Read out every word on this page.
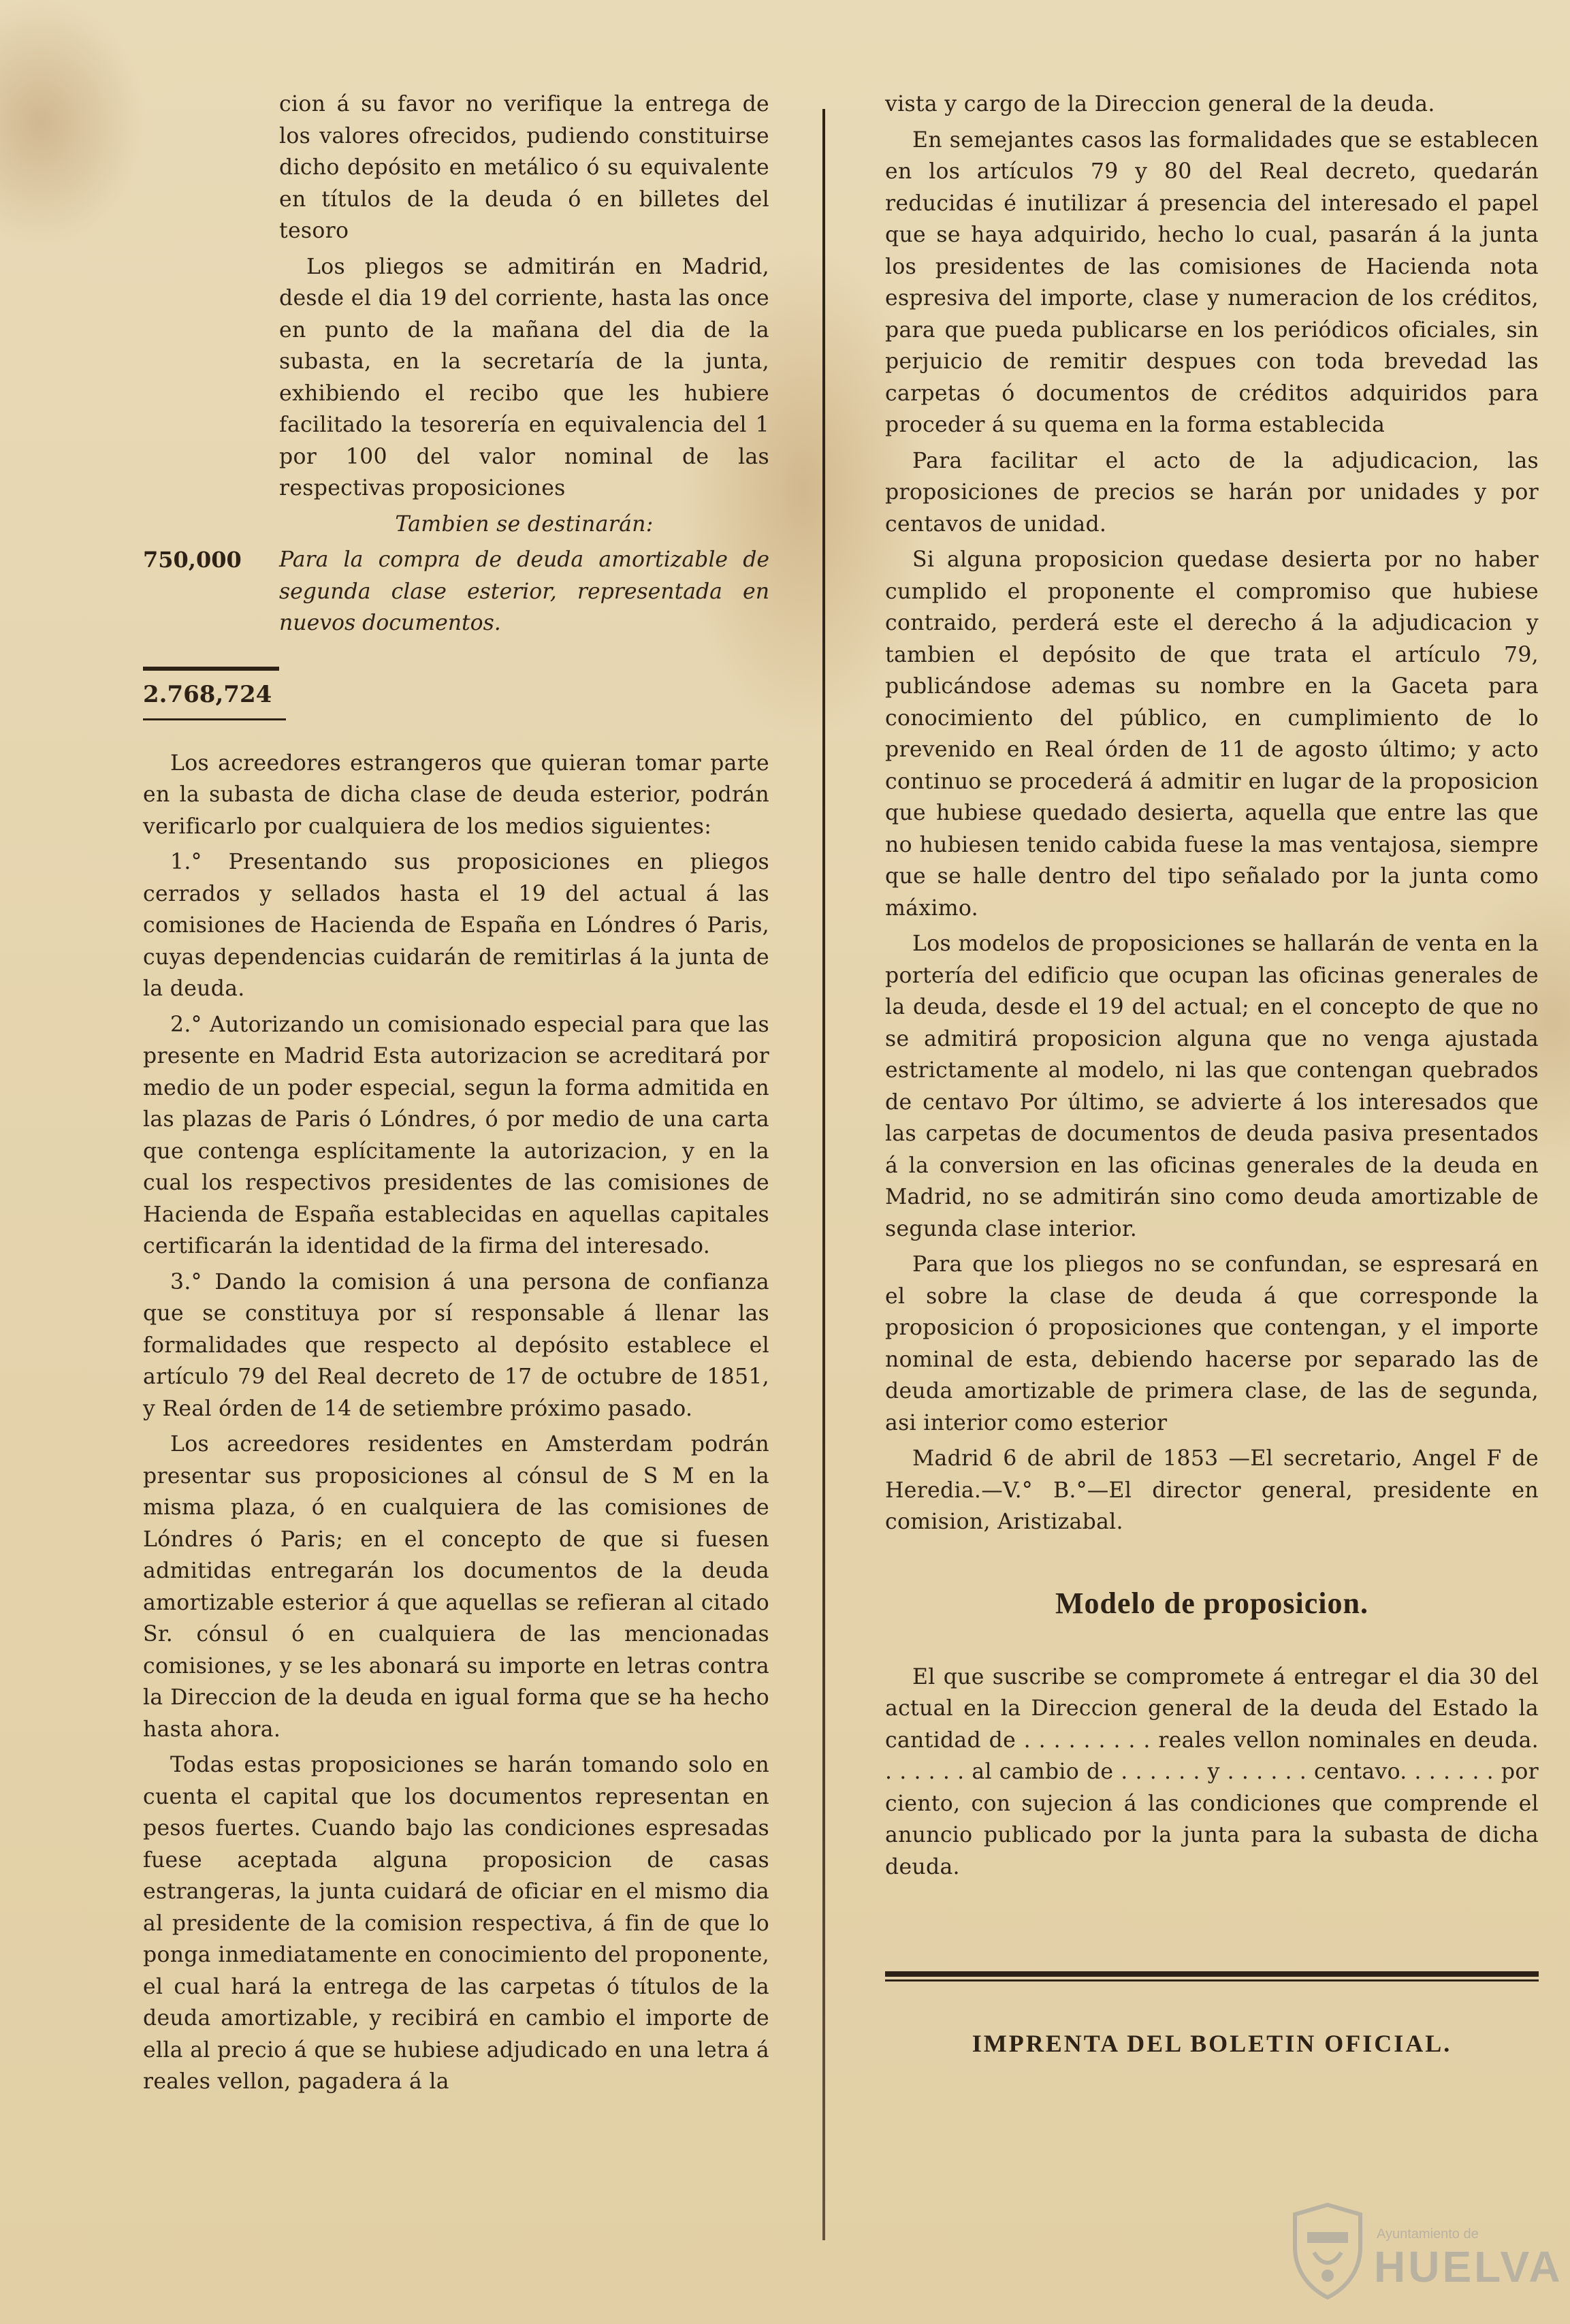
cion á su favor no verifique la entrega de los valores ofrecidos, pudiendo constituirse dicho depósito en metálico ó su equivalente en títulos de la deuda ó en billetes del tesoro

Los pliegos se admitirán en Madrid, desde el dia 19 del corriente, hasta las once en punto de la mañana del dia de la subasta, en la secretaría de la junta, exhibiendo el recibo que les hubiere facilitado la tesorería en equivalencia del 1 por 100 del valor nominal de las respectivas proposiciones

Tambien se destinarán:

750,000	Para la compra de deuda amortizable de segunda clase esterior, representada en nuevos documentos.
2.768,724

Los acreedores estrangeros que quieran tomar parte en la subasta de dicha clase de deuda esterior, podrán verificarlo por cualquiera de los medios siguientes:

1.° Presentando sus proposiciones en pliegos cerrados y sellados hasta el 19 del actual á las comisiones de Hacienda de España en Lóndres ó Paris, cuyas dependencias cuidarán de remitirlas á la junta de la deuda.

2.° Autorizando un comisionado especial para que las presente en Madrid Esta autorizacion se acreditará por medio de un poder especial, segun la forma admitida en las plazas de Paris ó Lóndres, ó por medio de una carta que contenga esplícitamente la autorizacion, y en la cual los respectivos presidentes de las comisiones de Hacienda de España establecidas en aquellas capitales certificarán la identidad de la firma del interesado.

3.° Dando la comision á una persona de confianza que se constituya por sí responsable á llenar las formalidades que respecto al depósito establece el artículo 79 del Real decreto de 17 de octubre de 1851, y Real órden de 14 de setiembre próximo pasado.

Los acreedores residentes en Amsterdam podrán presentar sus proposiciones al cónsul de S M en la misma plaza, ó en cualquiera de las comisiones de Lóndres ó Paris; en el concepto de que si fuesen admitidas entregarán los documentos de la deuda amortizable esterior á que aquellas se refieran al citado Sr. cónsul ó en cualquiera de las mencionadas comisiones, y se les abonará su importe en letras contra la Direccion de la deuda en igual forma que se ha hecho hasta ahora.

Todas estas proposiciones se harán tomando solo en cuenta el capital que los documentos representan en pesos fuertes. Cuando bajo las condiciones espresadas fuese aceptada alguna proposicion de casas estrangeras, la junta cuidará de oficiar en el mismo dia al presidente de la comision respectiva, á fin de que lo ponga inmediatamente en conocimiento del proponente, el cual hará la entrega de las carpetas ó títulos de la deuda amortizable, y recibirá en cambio el importe de ella al precio á que se hubiese adjudicado en una letra á reales vellon, pagadera á la

vista y cargo de la Direccion general de la deuda.

En semejantes casos las formalidades que se establecen en los artículos 79 y 80 del Real decreto, quedarán reducidas é inutilizar á presencia del interesado el papel que se haya adquirido, hecho lo cual, pasarán á la junta los presidentes de las comisiones de Hacienda nota espresiva del importe, clase y numeracion de los créditos, para que pueda publicarse en los periódicos oficiales, sin perjuicio de remitir despues con toda brevedad las carpetas ó documentos de créditos adquiridos para proceder á su quema en la forma establecida

Para facilitar el acto de la adjudicacion, las proposiciones de precios se harán por unidades y por centavos de unidad.

Si alguna proposicion quedase desierta por no haber cumplido el proponente el compromiso que hubiese contraido, perderá este el derecho á la adjudicacion y tambien el depósito de que trata el artículo 79, publicándose ademas su nombre en la Gaceta para conocimiento del público, en cumplimiento de lo prevenido en Real órden de 11 de agosto último; y acto continuo se procederá á admitir en lugar de la proposicion que hubiese quedado desierta, aquella que entre las que no hubiesen tenido cabida fuese la mas ventajosa, siempre que se halle dentro del tipo señalado por la junta como máximo.

Los modelos de proposiciones se hallarán de venta en la portería del edificio que ocupan las oficinas generales de la deuda, desde el 19 del actual; en el concepto de que no se admitirá proposicion alguna que no venga ajustada estrictamente al modelo, ni las que contengan quebrados de centavo Por último, se advierte á los interesados que las carpetas de documentos de deuda pasiva presentados á la conversion en las oficinas generales de la deuda en Madrid, no se admitirán sino como deuda amortizable de segunda clase interior.

Para que los pliegos no se confundan, se espresará en el sobre la clase de deuda á que corresponde la proposicion ó proposiciones que contengan, y el importe nominal de esta, debiendo hacerse por separado las de deuda amortizable de primera clase, de las de segunda, asi interior como esterior

Madrid 6 de abril de 1853 —El secretario, Angel F de Heredia.—V.° B.°—El director general, presidente en comision, Aristizabal.

Modelo de proposicion.

El que suscribe se compromete á entregar el dia 30 del actual en la Direccion general de la deuda del Estado la cantidad de . . . . . . . . . reales vellon nominales en deuda. . . . . . . al cambio de . . . . . . y . . . . . . centavo. . . . . . . por ciento, con sujecion á las condiciones que comprende el anuncio publicado por la junta para la subasta de dicha deuda.

IMPRENTA DEL BOLETIN OFICIAL.
Ayuntamiento de
HUELVA
